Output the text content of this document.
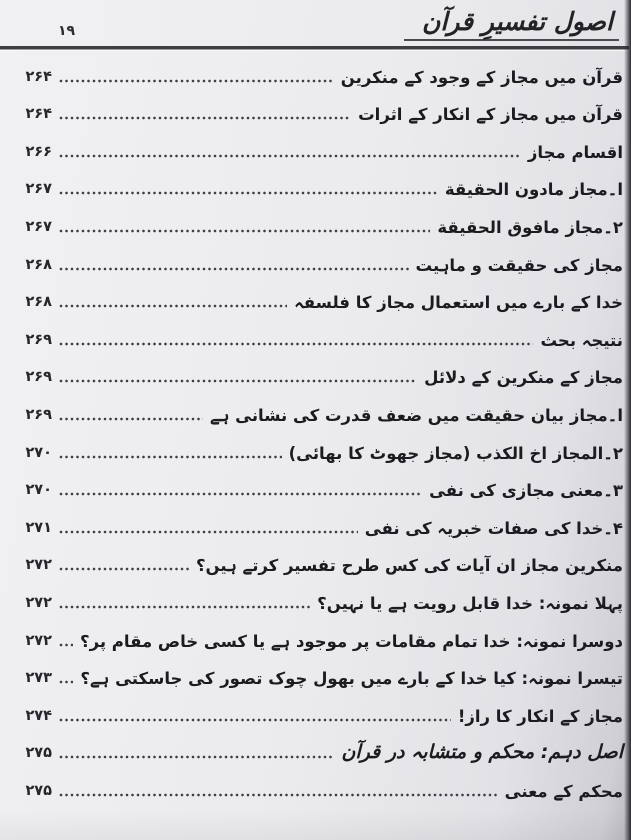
اصول تفسیرِ قرآن
۱۹
قرآن میں مجاز کے وجود کے منکرین
۲۶۴
قرآن میں مجاز کے انکار کے اثرات
۲۶۴
اقسام مجاز
۲۶۶
ا۔مجاز مادون الحقیقة
۲۶۷
۲۔مجاز مافوق الحقیقة
۲۶۷
مجاز کی حقیقت و ماہیت
۲۶۸
خدا کے بارے میں استعمال مجاز کا فلسفہ
۲۶۸
نتیجہ بحث
۲۶۹
مجاز کے منکرین کے دلائل
۲۶۹
ا۔مجاز بیان حقیقت میں ضعف قدرت کی نشانی ہے
۲۶۹
۲۔المجاز اخ الکذب (مجاز جھوٹ کا بھائی)
۲۷۰
۳۔معنی مجازی کی نفی
۲۷۰
۴۔خدا کی صفات خبریہ کی نفی
۲۷۱
منکرین مجاز ان آیات کی کس طرح تفسیر کرتے ہیں؟
۲۷۲
پہلا نمونہ: خدا قابل رویت ہے یا نہیں؟
۲۷۲
دوسرا نمونہ: خدا تمام مقامات پر موجود ہے یا کسی خاص مقام پر؟
۲۷۲
تیسرا نمونہ: کیا خدا کے بارے میں بھول چوک تصور کی جاسکتی ہے؟
۲۷۳
مجاز کے انکار کا راز!
۲۷۴
اصل دہم: محکم و متشابہ در قرآن
۲۷۵
محکم کے معنی
۲۷۵
